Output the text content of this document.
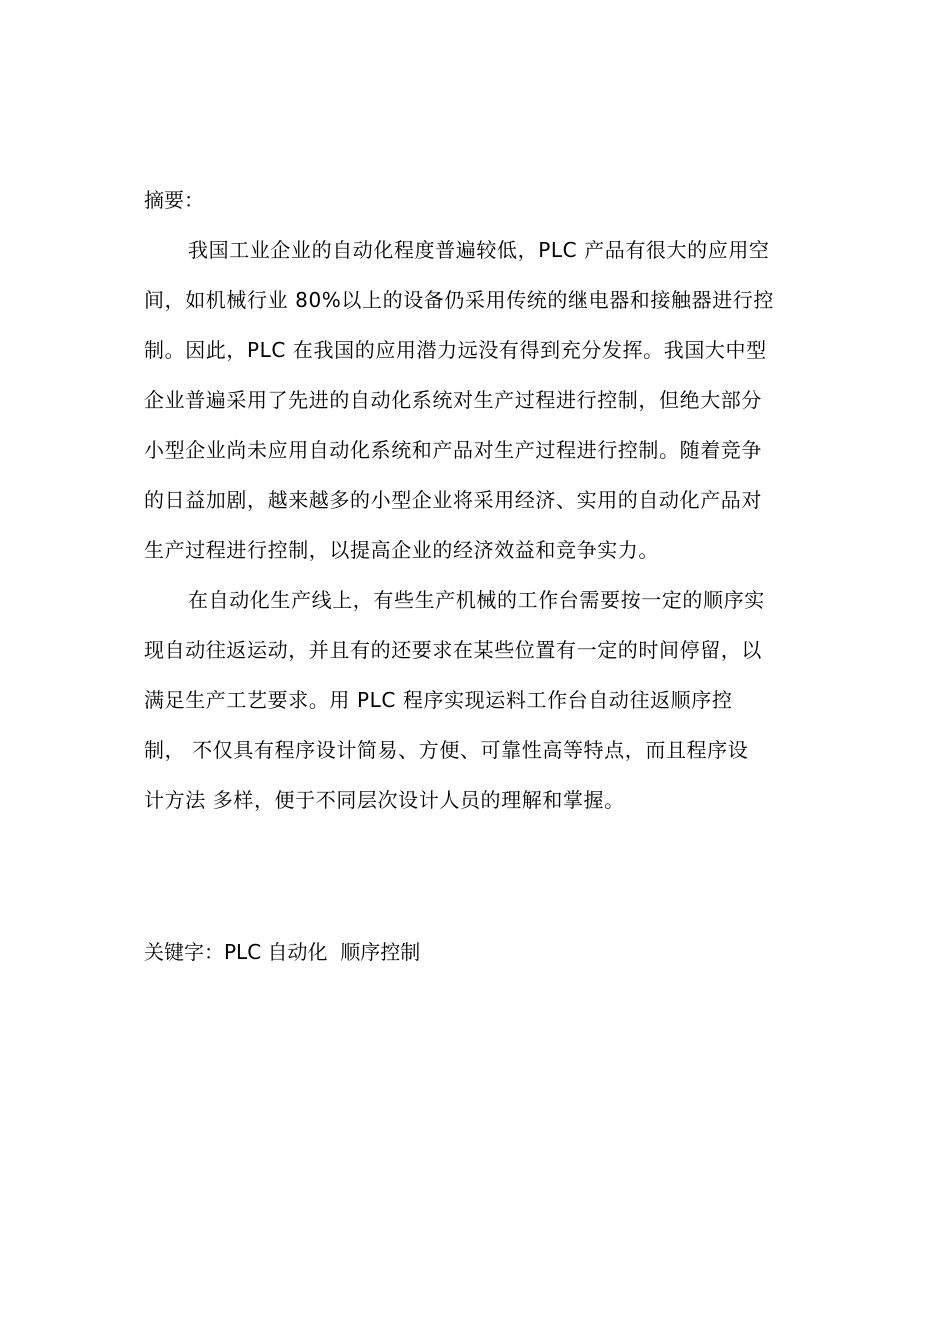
摘要：
我国工业企业的自动化程度普遍较低，PLC 产品有很大的应用空
间，如机械行业 80%以上的设备仍采用传统的继电器和接触器进行控
制。因此，PLC 在我国的应用潜力远没有得到充分发挥。我国大中型
企业普遍采用了先进的自动化系统对生产过程进行控制，但绝大部分
小型企业尚未应用自动化系统和产品对生产过程进行控制。随着竞争
的日益加剧，越来越多的小型企业将采用经济、实用的自动化产品对
生产过程进行控制，以提高企业的经济效益和竞争实力。
在自动化生产线上，有些生产机械的工作台需要按一定的顺序实
现自动往返运动，并且有的还要求在某些位置有一定的时间停留，以
满足生产工艺要求。用 PLC 程序实现运料工作台自动往返顺序控
制， 不仅具有程序设计简易、方便、可靠性高等特点，而且程序设
计方法 多样，便于不同层次设计人员的理解和掌握。
关键字：PLC 自动化  顺序控制
